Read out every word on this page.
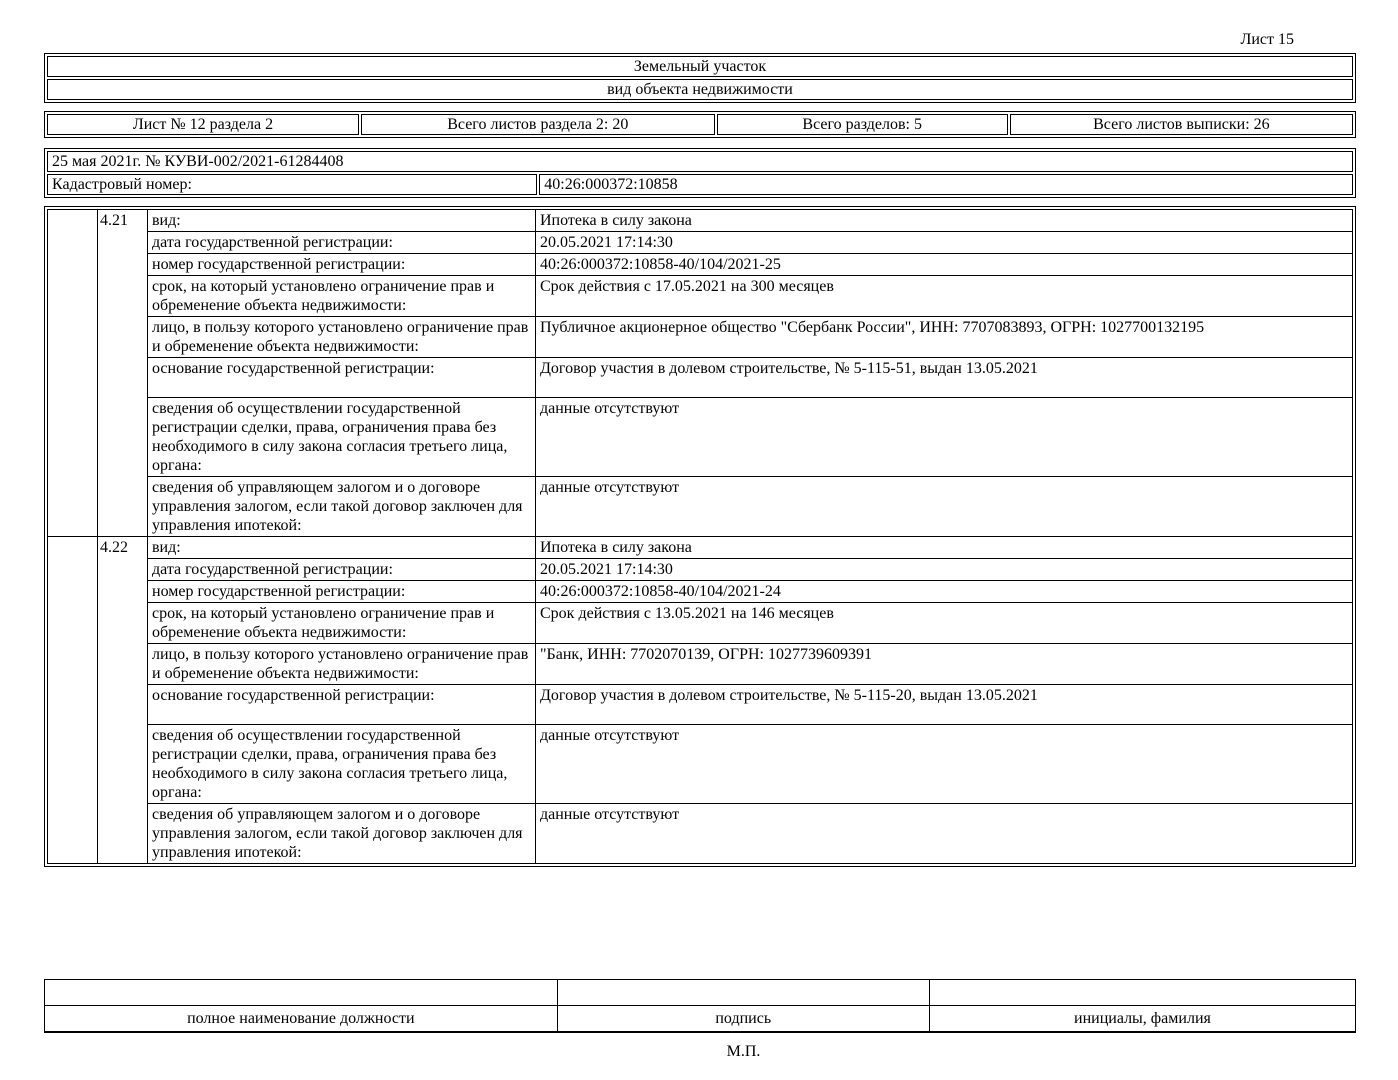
Лист 15
Земельный участок
вид объекта недвижимости
Лист № 12 раздела 2	Всего листов раздела 2: 20	Всего разделов: 5	Всего листов выписки: 26
25 мая 2021г. № КУВИ-002/2021-61284408
Кадастровый номер:	40:26:000372:10858
	4.21	вид:	Ипотека в силу закона
		дата государственной регистрации:	20.05.2021 17:14:30
		номер государственной регистрации:	40:26:000372:10858-40/104/2021-25
		срок, на который установлено ограничение прав и обременение объекта недвижимости:	Срок действия с 17.05.2021 на 300 месяцев
		лицо, в пользу которого установлено ограничение прав и обременение объекта недвижимости:	Публичное акционерное общество "Сбербанк России", ИНН: 7707083893, ОГРН: 1027700132195
		основание государственной регистрации:	Договор участия в долевом строительстве, № 5-115-51, выдан 13.05.2021
		сведения об осуществлении государственной регистрации сделки, права, ограничения права без необходимого в силу закона согласия третьего лица, органа:	данные отсутствуют
		сведения об управляющем залогом и о договоре управления залогом, если такой договор заключен для управления ипотекой:	данные отсутствуют
	4.22	вид:	Ипотека в силу закона
		дата государственной регистрации:	20.05.2021 17:14:30
		номер государственной регистрации:	40:26:000372:10858-40/104/2021-24
		срок, на который установлено ограничение прав и обременение объекта недвижимости:	Срок действия с 13.05.2021 на 146 месяцев
		лицо, в пользу которого установлено ограничение прав и обременение объекта недвижимости:	"Банк, ИНН: 7702070139, ОГРН: 1027739609391
		основание государственной регистрации:	Договор участия в долевом строительстве, № 5-115-20, выдан 13.05.2021
		сведения об осуществлении государственной регистрации сделки, права, ограничения права без необходимого в силу закона согласия третьего лица, органа:	данные отсутствуют
		сведения об управляющем залогом и о договоре управления залогом, если такой договор заключен для управления ипотекой:	данные отсутствуют

полное наименование должности	подпись	инициалы, фамилия
М.П.
